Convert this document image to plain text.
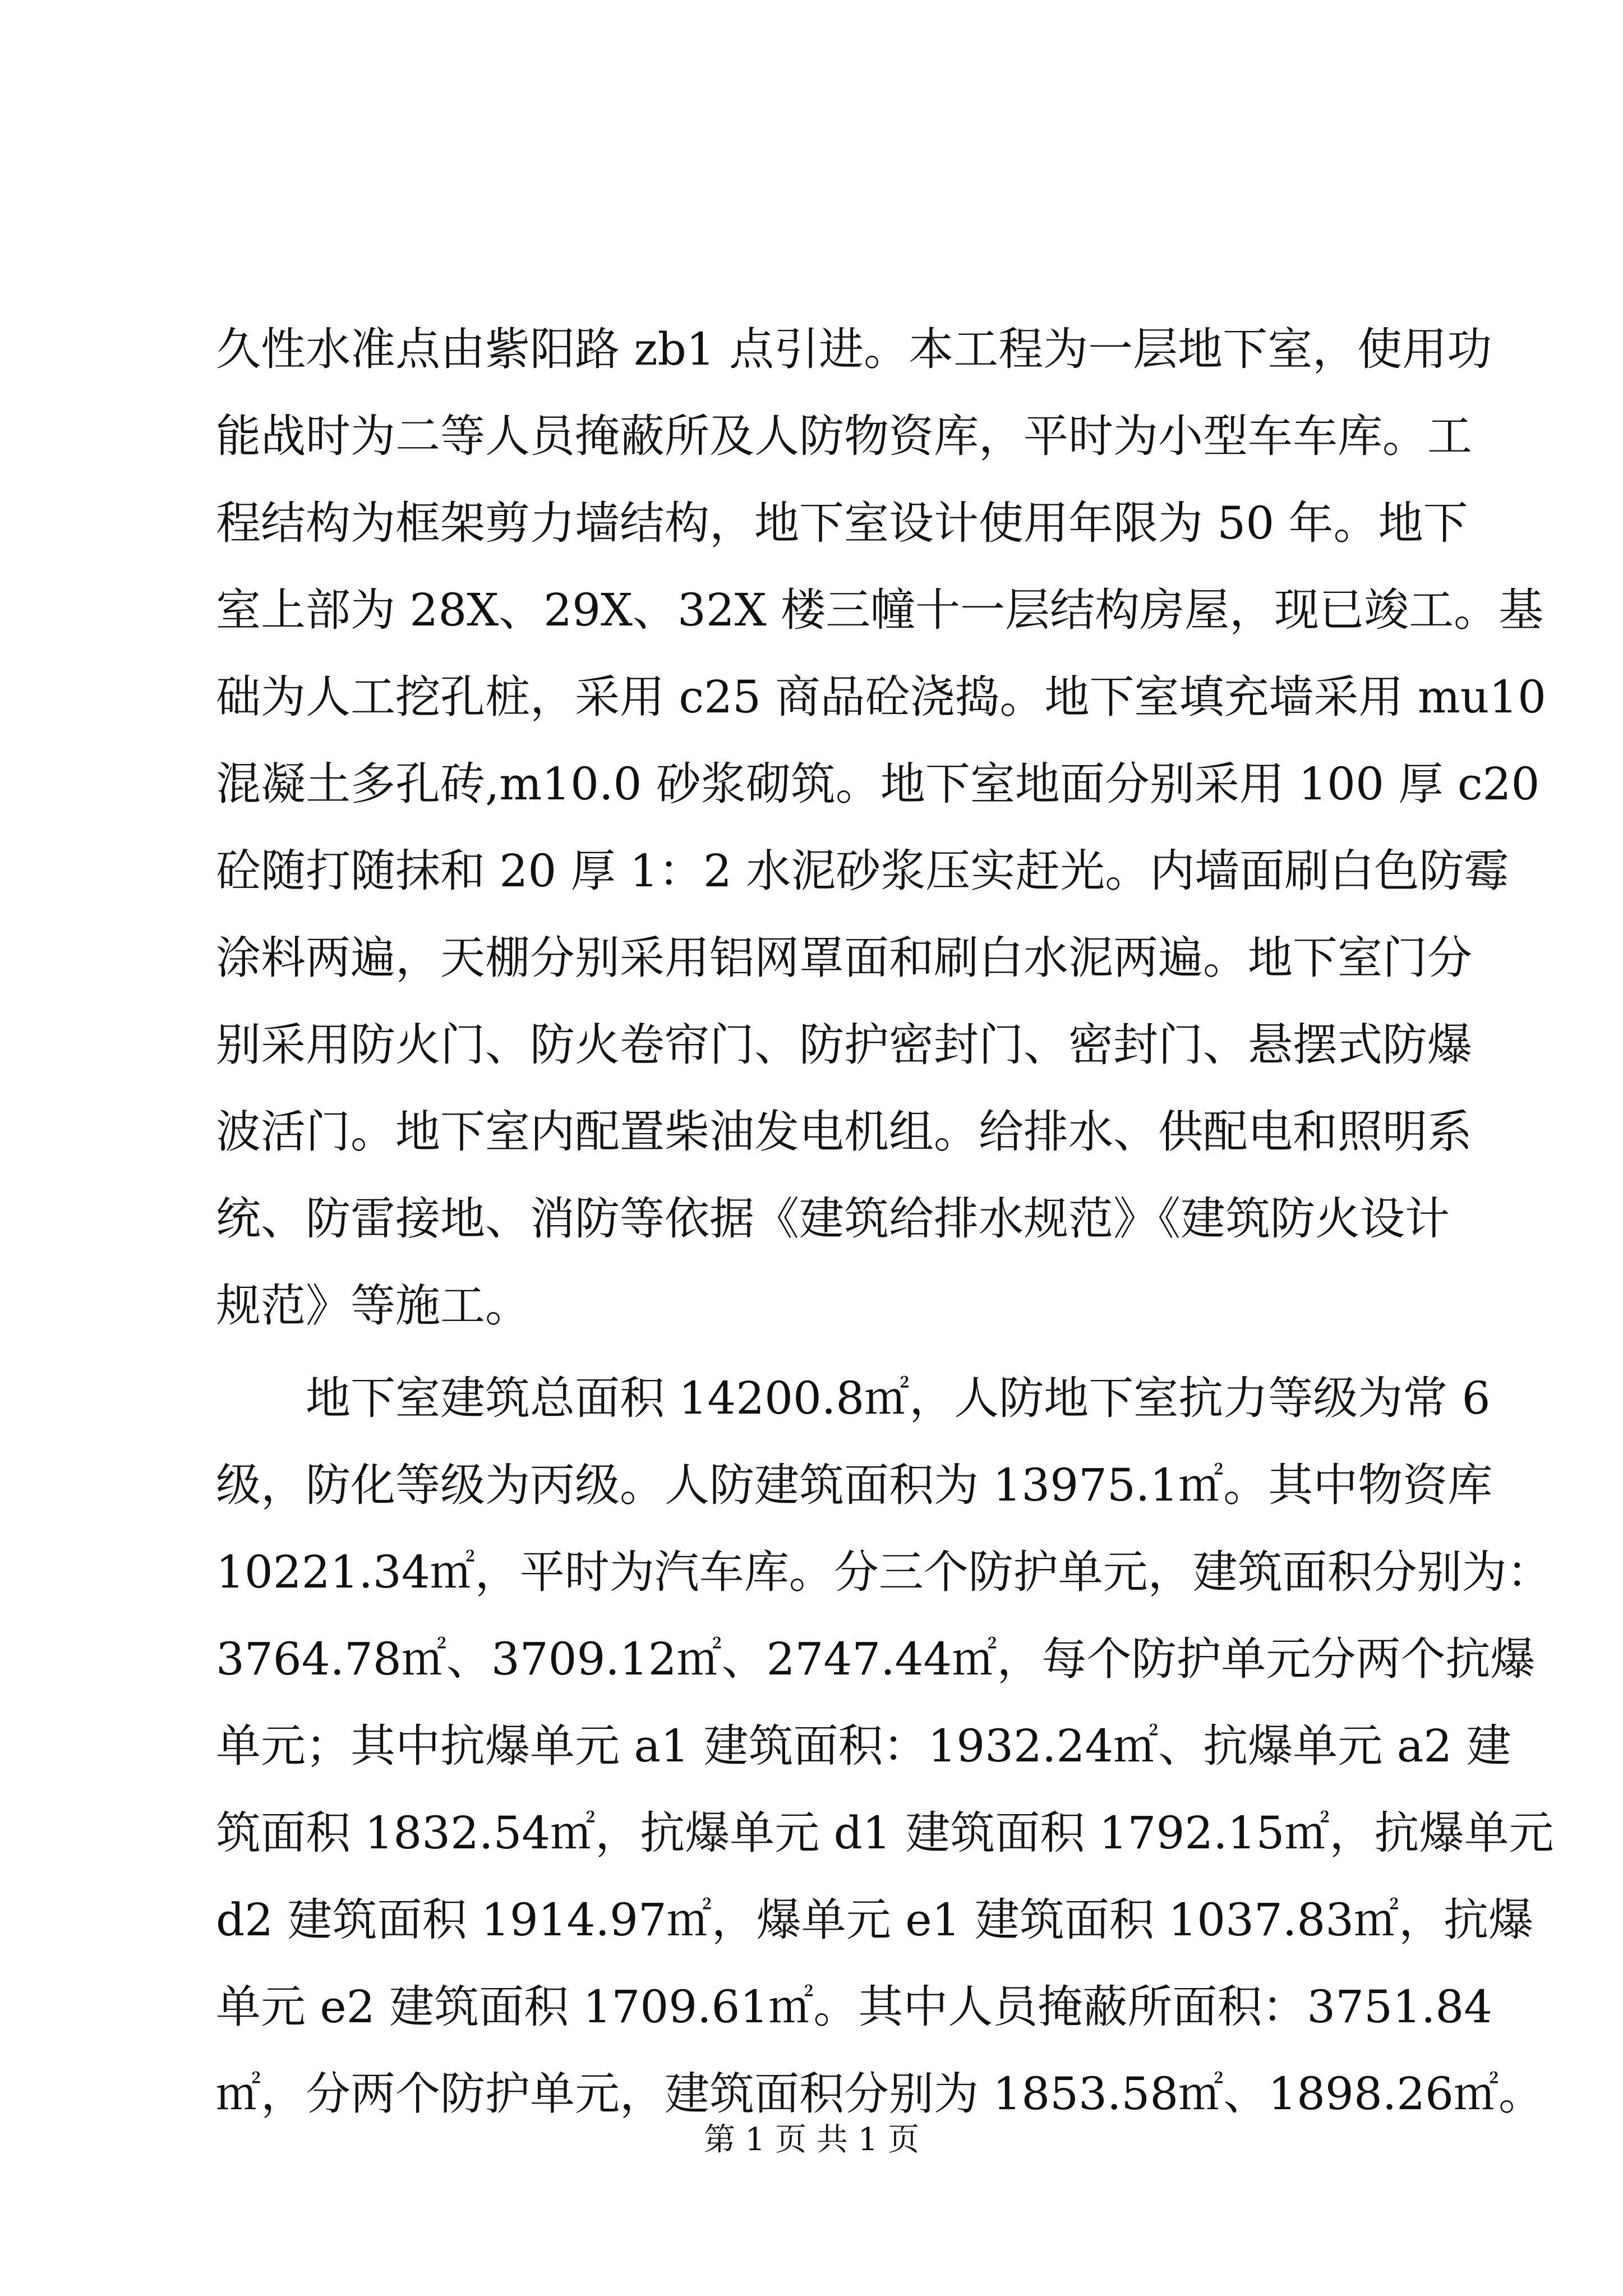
久性水准点由紫阳路 zb1 点引进。本工程为一层地下室，使用功
能战时为二等人员掩蔽所及人防物资库，平时为小型车车库。工
程结构为框架剪力墙结构，地下室设计使用年限为 50 年。地下
室上部为 28X、29X、32X 楼三幢十一层结构房屋，现已竣工。基
础为人工挖孔桩，采用 c25 商品砼浇捣。地下室填充墙采用 mu10
混凝土多孔砖,m10.0 砂浆砌筑。地下室地面分别采用 100 厚 c20
砼随打随抹和 20 厚 1：2 水泥砂浆压实赶光。内墙面刷白色防霉
涂料两遍，天棚分别采用铝网罩面和刷白水泥两遍。地下室门分
别采用防火门、防火卷帘门、防护密封门、密封门、悬摆式防爆
波活门。地下室内配置柴油发电机组。给排水、供配电和照明系
统、防雷接地、消防等依据《建筑给排水规范》《建筑防火设计
规范》等施工。
　　地下室建筑总面积 14200.8㎡，人防地下室抗力等级为常 6
级，防化等级为丙级。人防建筑面积为 13975.1㎡。其中物资库
10221.34㎡，平时为汽车库。分三个防护单元，建筑面积分别为：
3764.78㎡、3709.12㎡、2747.44㎡，每个防护单元分两个抗爆
单元；其中抗爆单元 a1 建筑面积：1932.24㎡、抗爆单元 a2 建
筑面积 1832.54㎡，抗爆单元 d1 建筑面积 1792.15㎡，抗爆单元
d2 建筑面积 1914.97㎡，爆单元 e1 建筑面积 1037.83㎡，抗爆
单元 e2 建筑面积 1709.61㎡。其中人员掩蔽所面积：3751.84
㎡，分两个防护单元，建筑面积分别为 1853.58㎡、1898.26㎡。
第 1 页 共 1 页
